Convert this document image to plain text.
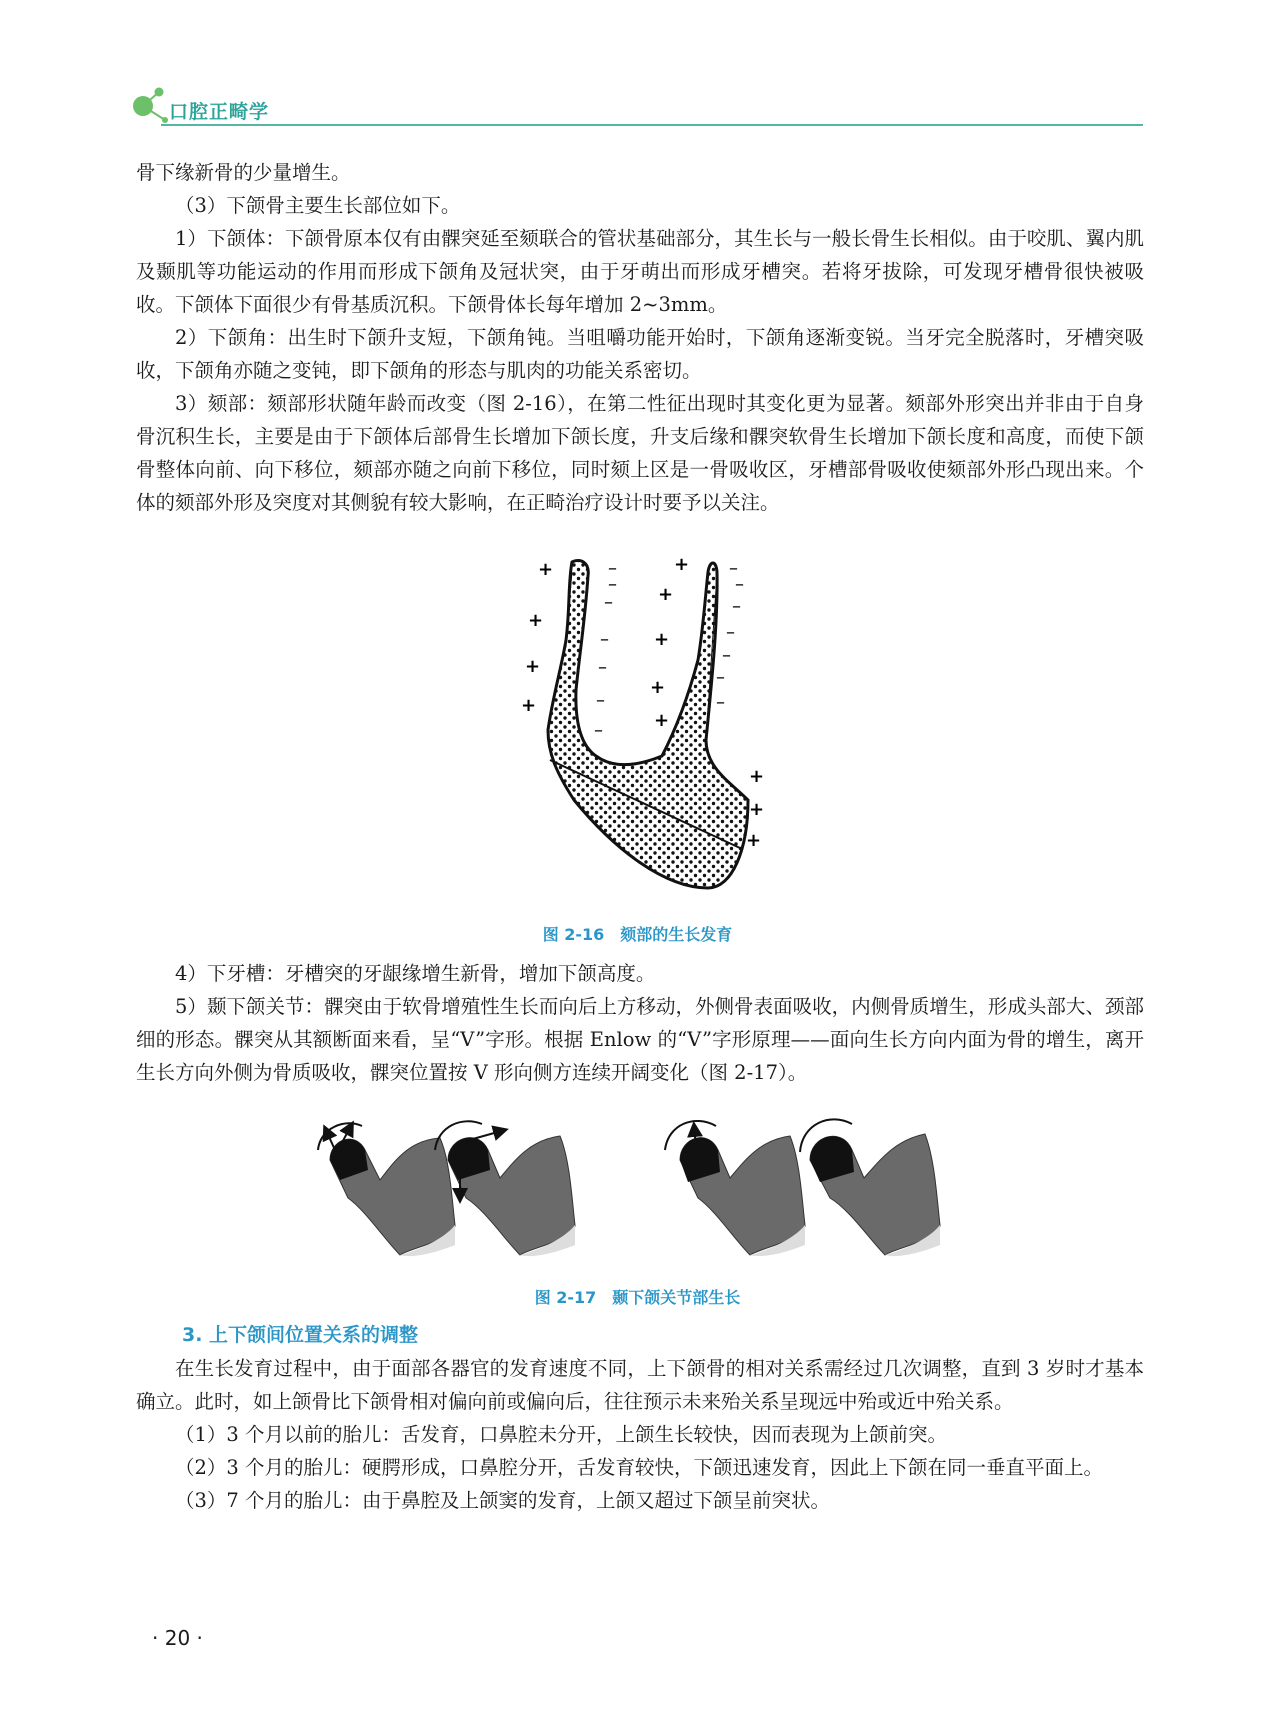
口腔正畸学

骨下缘新骨的少量增生。

（3）下颌骨主要生长部位如下。

1）下颌体：下颌骨原本仅有由髁突延至颏联合的管状基础部分，其生长与一般长骨生长相似。由于咬肌、翼内肌及颞肌等功能运动的作用而形成下颌角及冠状突，由于牙萌出而形成牙槽突。若将牙拔除，可发现牙槽骨很快被吸收。下颌体下面很少有骨基质沉积。下颌骨体长每年增加 2~3mm。

2）下颌角：出生时下颌升支短，下颌角钝。当咀嚼功能开始时，下颌角逐渐变锐。当牙完全脱落时，牙槽突吸收，下颌角亦随之变钝，即下颌角的形态与肌肉的功能关系密切。

3）颏部：颏部形状随年龄而改变（图 2-16），在第二性征出现时其变化更为显著。颏部外形突出并非由于自身骨沉积生长，主要是由于下颌体后部骨生长增加下颌长度，升支后缘和髁突软骨生长增加下颌长度和高度，而使下颌骨整体向前、向下移位，颏部亦随之向前下移位，同时颏上区是一骨吸收区，牙槽部骨吸收使颏部外形凸现出来。个体的颏部外形及突度对其侧貌有较大影响，在正畸治疗设计时要予以关注。

+
+
+
+
–
–
–
–
–
–
–
+
+
+
+
+
–
–
–
–
–
–
–
+
+
+
图 2-16　颏部的生长发育

4）下牙槽：牙槽突的牙龈缘增生新骨，增加下颌高度。

5）颞下颌关节：髁突由于软骨增殖性生长而向后上方移动，外侧骨表面吸收，内侧骨质增生，形成头部大、颈部细的形态。髁突从其额断面来看，呈“V”字形。根据 Enlow 的“V”字形原理——面向生长方向内面为骨的增生，离开生长方向外侧为骨质吸收，髁突位置按 V 形向侧方连续开阔变化（图 2-17）。

图 2-17　颞下颌关节部生长
3. 上下颌间位置关系的调整

在生长发育过程中，由于面部各器官的发育速度不同，上下颌骨的相对关系需经过几次调整，直到 3 岁时才基本确立。此时，如上颌骨比下颌骨相对偏向前或偏向后，往往预示未来殆关系呈现远中殆或近中殆关系。

（1）3 个月以前的胎儿：舌发育，口鼻腔未分开，上颌生长较快，因而表现为上颌前突。

（2）3 个月的胎儿：硬腭形成，口鼻腔分开，舌发育较快，下颌迅速发育，因此上下颌在同一垂直平面上。

（3）7 个月的胎儿：由于鼻腔及上颌窦的发育，上颌又超过下颌呈前突状。

· 20 ·
